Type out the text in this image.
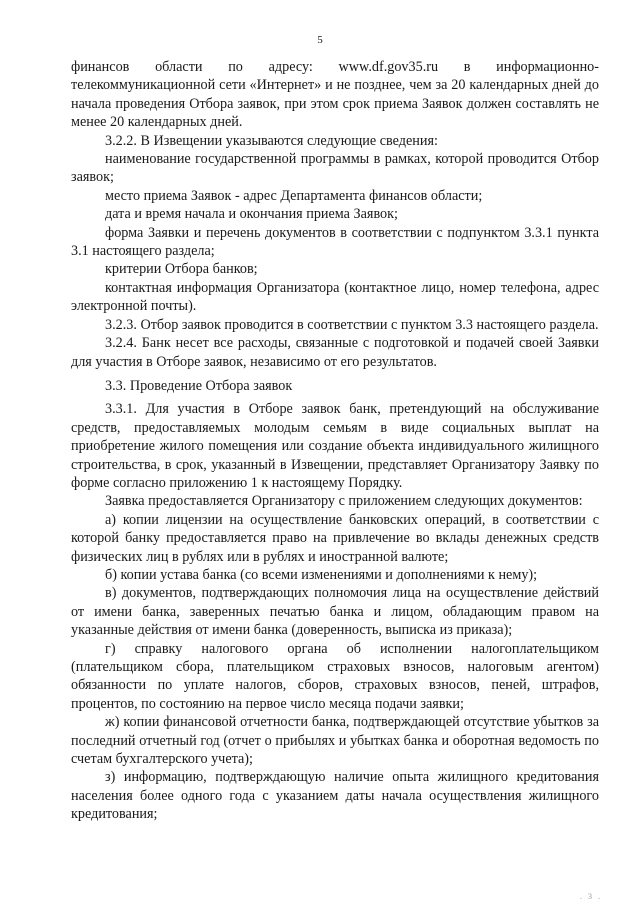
5

финансов области по адресу: www.df.gov35.ru в информационно-телекоммуникационной сети «Интернет» и не позднее, чем за 20 календарных дней до начала проведения Отбора заявок, при этом срок приема Заявок должен составлять не менее 20 календарных дней.

3.2.2. В Извещении указываются следующие сведения:

наименование государственной программы в рамках, которой проводится Отбор заявок;

место приема Заявок - адрес Департамента финансов области;

дата и время начала и окончания приема Заявок;

форма Заявки и перечень документов в соответствии с подпунктом 3.3.1 пункта 3.1 настоящего раздела;

критерии Отбора банков;

контактная информация Организатора (контактное лицо, номер телефона, адрес электронной почты).

3.2.3. Отбор заявок проводится в соответствии с пунктом 3.3 настоящего раздела.

3.2.4. Банк несет все расходы, связанные с подготовкой и подачей своей Заявки для участия в Отборе заявок, независимо от его результатов.

3.3. Проведение Отбора заявок

3.3.1. Для участия в Отборе заявок банк, претендующий на обслуживание средств, предоставляемых молодым семьям в виде социальных выплат на приобретение жилого помещения или создание объекта индивидуального жилищного строительства, в срок, указанный в Извещении, представляет Организатору Заявку по форме согласно приложению 1 к настоящему Порядку.

Заявка предоставляется Организатору с приложением следующих документов:

а) копии лицензии на осуществление банковских операций, в соответствии с которой банку предоставляется право на привлечение во вклады денежных средств физических лиц в рублях или в рублях и иностранной валюте;

б) копии устава банка (со всеми изменениями и дополнениями к нему);

в) документов, подтверждающих полномочия лица на осуществление действий от имени банка, заверенных печатью банка и лицом, обладающим правом на указанные действия от имени банка (доверенность, выписка из приказа);

г) справку налогового органа об исполнении налогоплательщиком (плательщиком сбора, плательщиком страховых взносов, налоговым агентом) обязанности по уплате налогов, сборов, страховых взносов, пеней, штрафов, процентов, по состоянию на первое число месяца подачи заявки;

ж) копии финансовой отчетности банка, подтверждающей отсутствие убытков за последний отчетный год (отчет о прибылях и убытках банка и оборотная ведомость по счетам бухгалтерского учета);

з) информацию, подтверждающую наличие опыта жилищного кредитования населения более одного года с указанием даты начала осуществления жилищного кредитования;

. 3 .
